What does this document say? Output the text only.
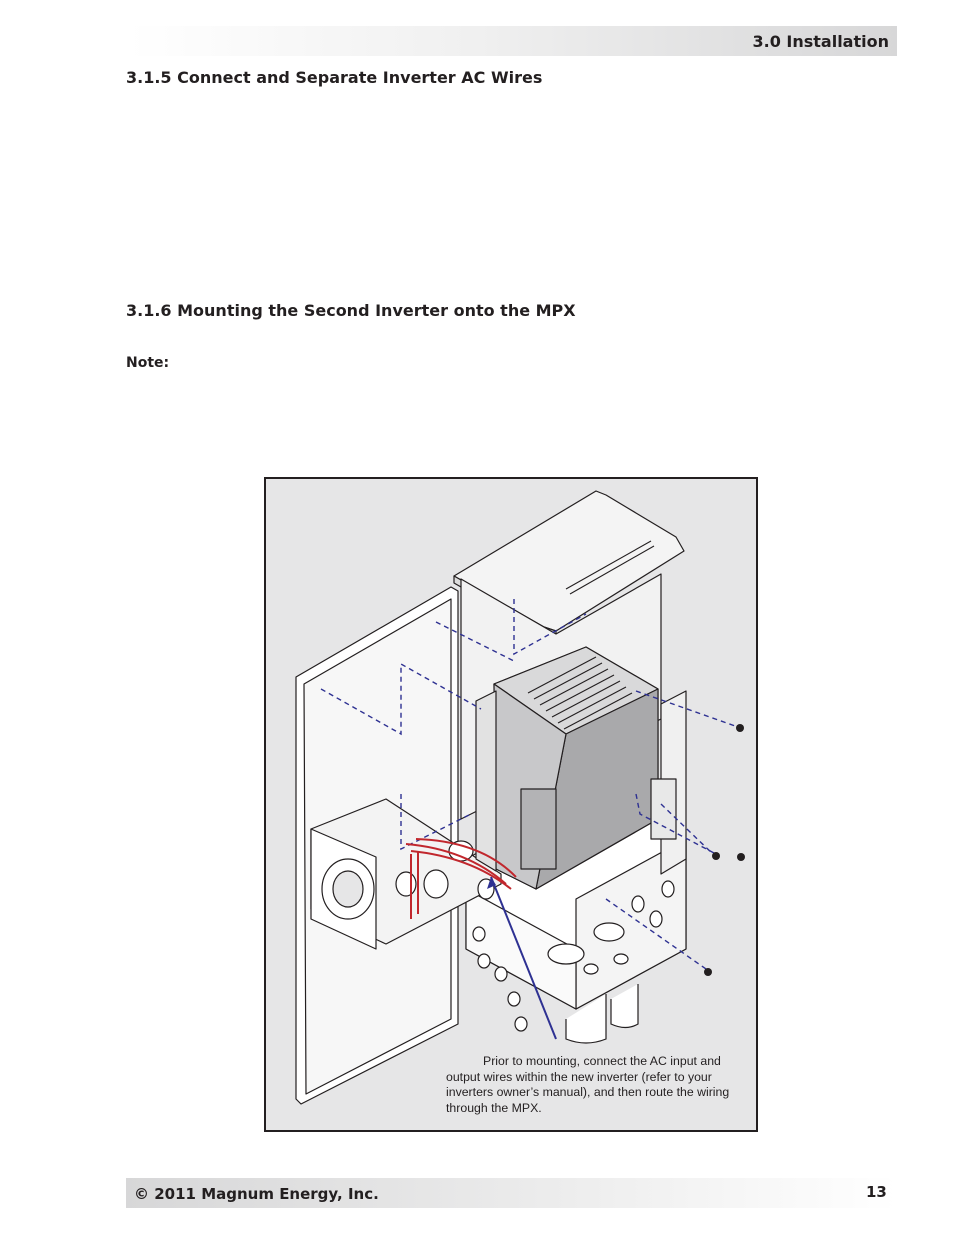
3.0 Installation
3.1.5 Connect and Separate Inverter AC Wires
3.1.6 Mounting the Second Inverter onto the MPX
Note:
Prior to mounting, connect the AC input and output wires within the new inverter (refer to your inverters owner’s manual), and then route the wiring through the MPX.
© 2011 Magnum Energy, Inc.	13
